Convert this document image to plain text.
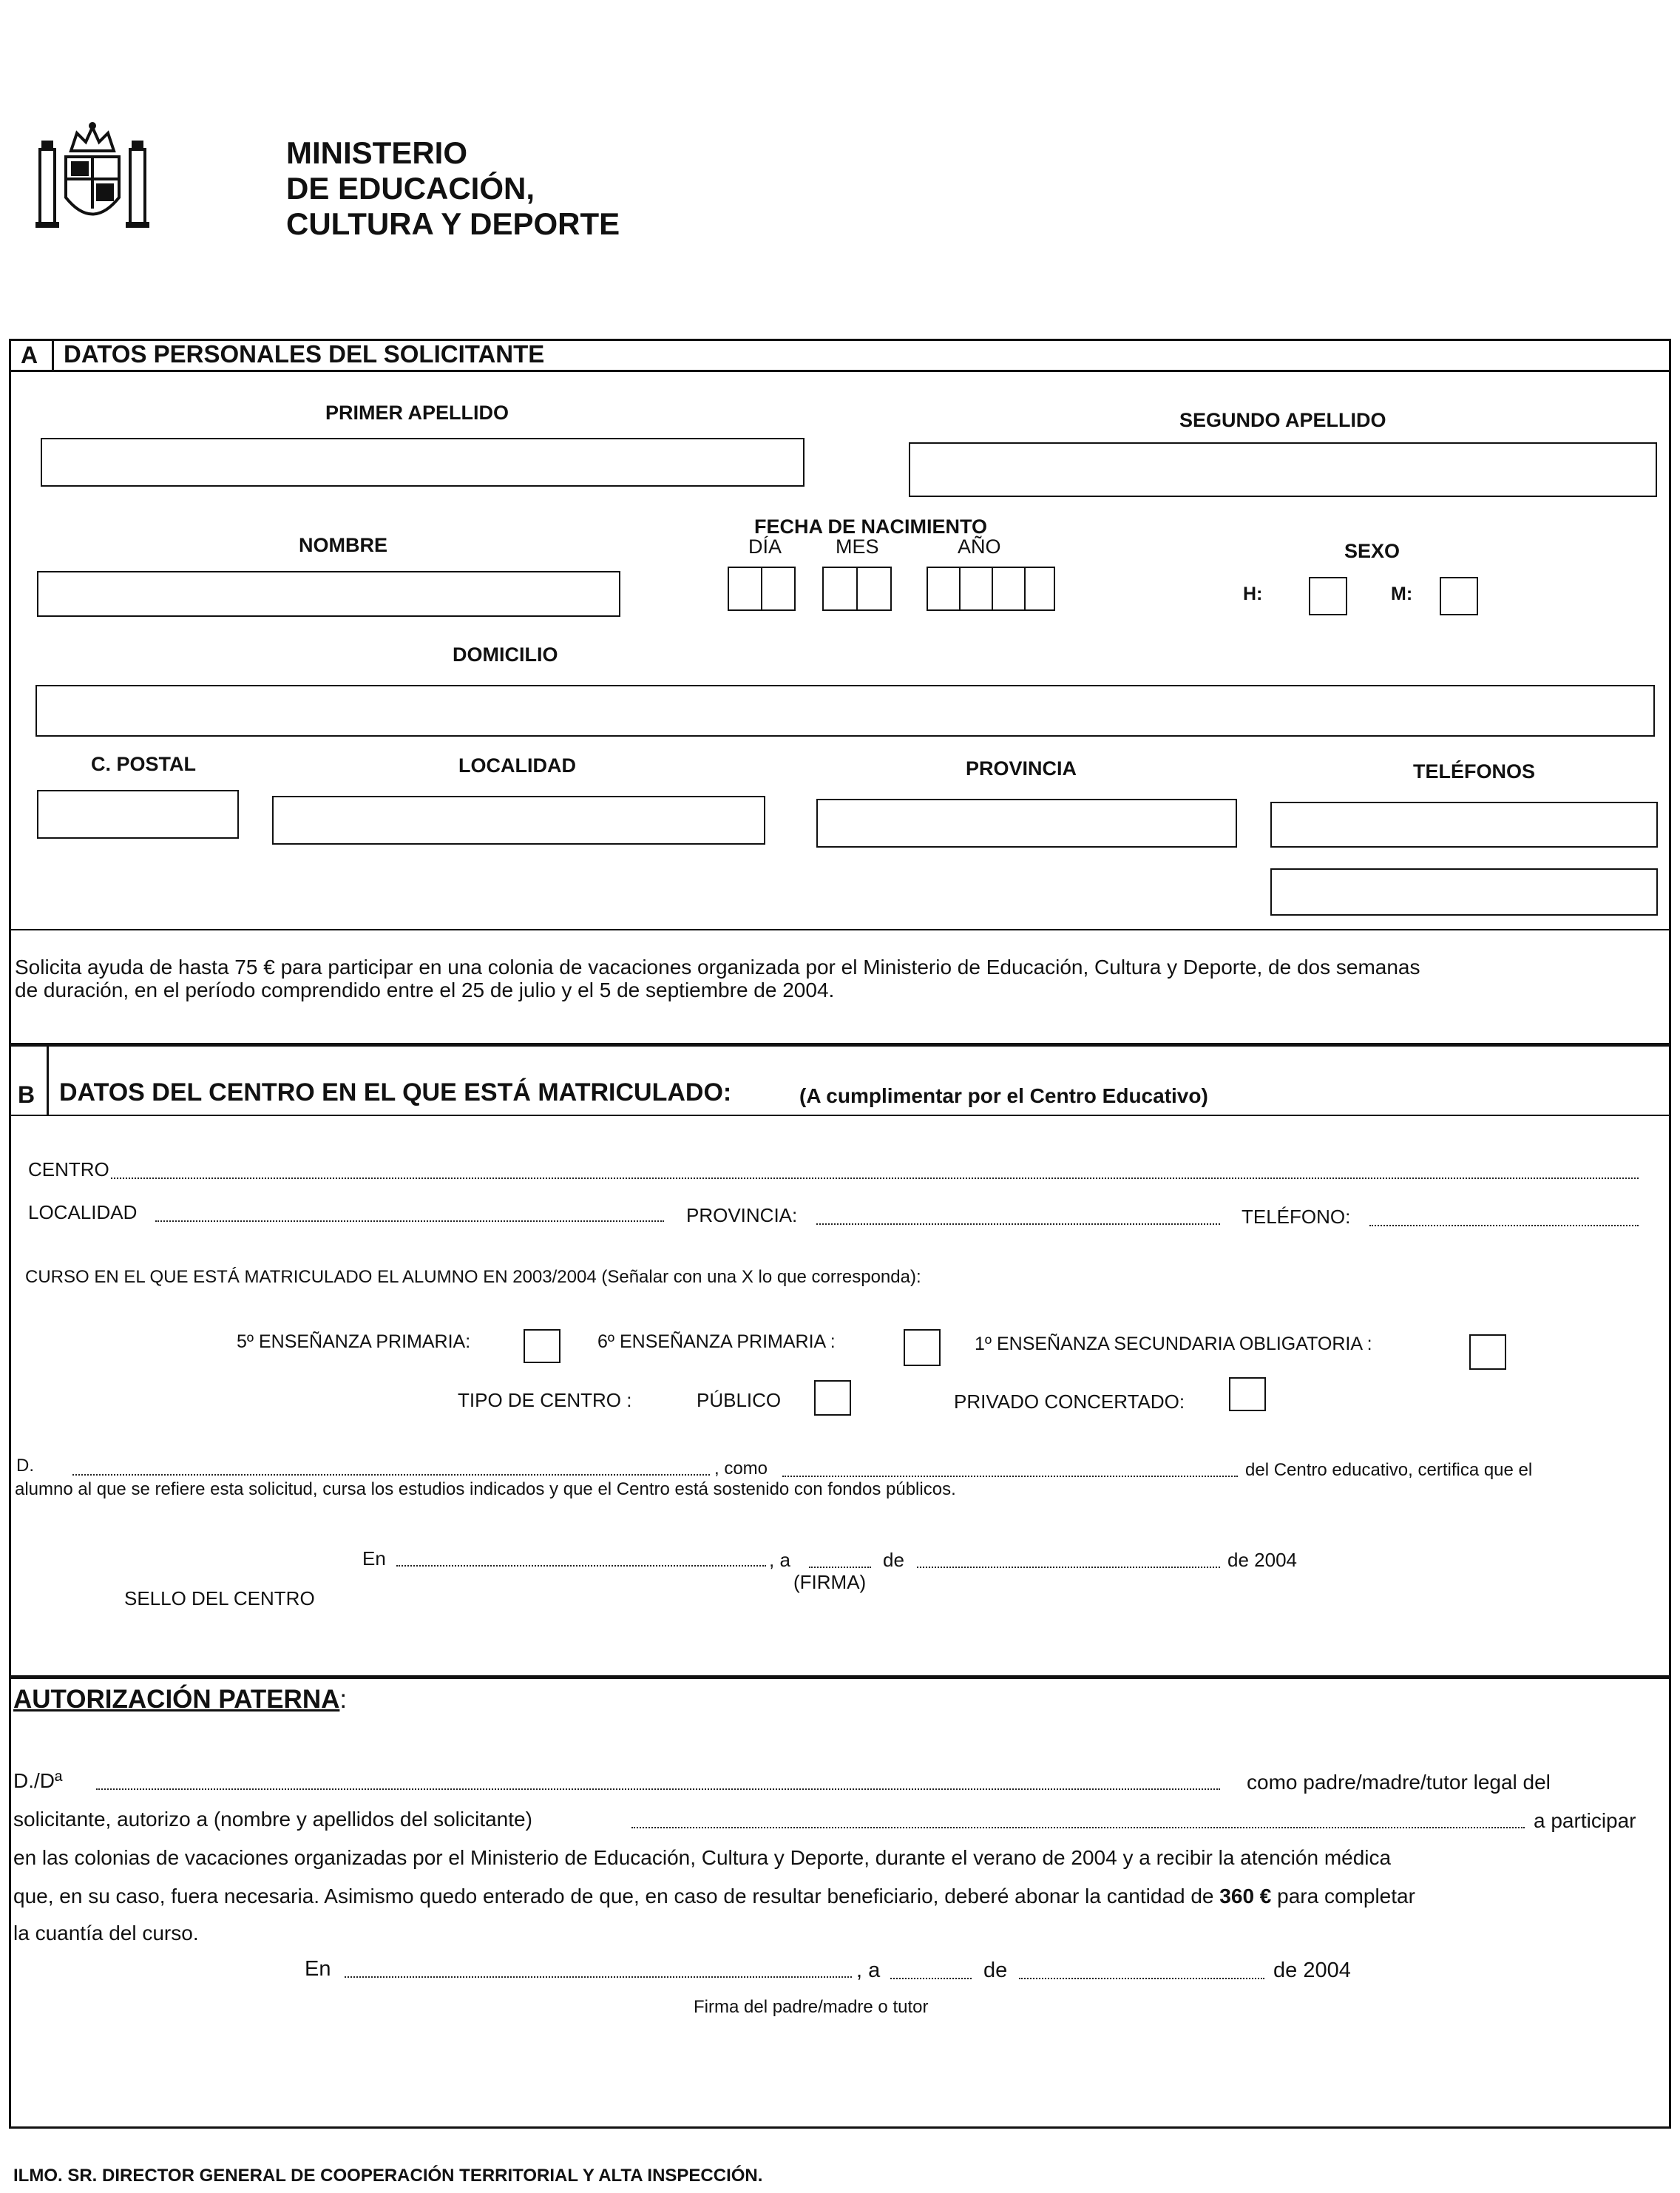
MINISTERIO
DE EDUCACIÓN,
CULTURA Y DEPORTE
A DATOS PERSONALES DEL SOLICITANTE
PRIMER APELLIDO	SEGUNDO APELLIDO
NOMBRE
FECHA DE NACIMIENTO
DÍA	MES	AÑO	SEXO
H:	M:
DOMICILIO
C. POSTAL	LOCALIDAD	PROVINCIA	TELÉFONOS
Solicita ayuda de hasta 75 € para participar en una colonia de vacaciones organizada por el Ministerio de Educación, Cultura y Deporte, de dos semanas
de duración, en el período comprendido entre el 25 de julio y el 5 de septiembre de 2004.
B DATOS DEL CENTRO EN EL QUE ESTÁ MATRICULADO:	(A cumplimentar por el Centro Educativo)
CENTRO
LOCALIDAD	PROVINCIA:	TELÉFONO:
CURSO EN EL QUE ESTÁ MATRICULADO EL ALUMNO EN 2003/2004 (Señalar con una X lo que corresponda):
5º ENSEÑANZA PRIMARIA:	6º ENSEÑANZA PRIMARIA :	1º ENSEÑANZA SECUNDARIA OBLIGATORIA :
TIPO DE CENTRO :	PÚBLICO	PRIVADO CONCERTADO:
D.	, como	del Centro educativo, certifica que el
alumno al que se refiere esta solicitud, cursa los estudios indicados y que el Centro está sostenido con fondos públicos.
En	, a	de	de 2004
(FIRMA)
SELLO DEL CENTRO
AUTORIZACIÓN PATERNA:
D./Dª	como padre/madre/tutor legal del
solicitante, autorizo a (nombre y apellidos del solicitante)	a participar
en las colonias de vacaciones organizadas por el Ministerio de Educación, Cultura y Deporte, durante el verano de 2004 y a recibir la atención médica
que, en su caso, fuera necesaria. Asimismo quedo enterado de que, en caso de resultar beneficiario, deberé abonar la cantidad de 360 € para completar
la cuantía del curso.
En	, a	de	de 2004
Firma del padre/madre o tutor
ILMO. SR. DIRECTOR GENERAL DE COOPERACIÓN TERRITORIAL Y ALTA INSPECCIÓN.
